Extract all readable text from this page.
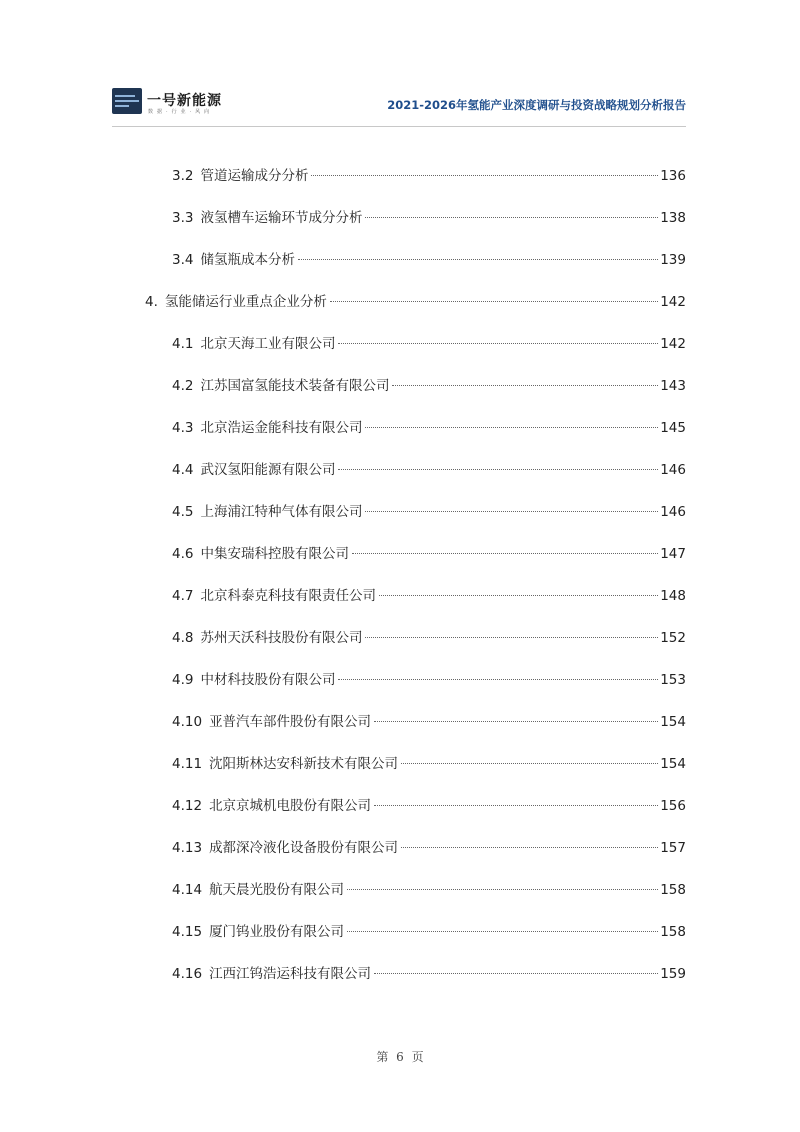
一号新能源
数据·行业·风向	2021-2026年氢能产业深度调研与投资战略规划分析报告
3.2 管道运输成分分析	136
3.3 液氢槽车运输环节成分分析	138
3.4 储氢瓶成本分析	139
4. 氢能储运行业重点企业分析	142
4.1 北京天海工业有限公司	142
4.2 江苏国富氢能技术装备有限公司	143
4.3 北京浩运金能科技有限公司	145
4.4 武汉氢阳能源有限公司	146
4.5 上海浦江特种气体有限公司	146
4.6 中集安瑞科控股有限公司	147
4.7 北京科泰克科技有限责任公司	148
4.8 苏州天沃科技股份有限公司	152
4.9 中材科技股份有限公司	153
4.10 亚普汽车部件股份有限公司	154
4.11 沈阳斯林达安科新技术有限公司	154
4.12 北京京城机电股份有限公司	156
4.13 成都深冷液化设备股份有限公司	157
4.14 航天晨光股份有限公司	158
4.15 厦门钨业股份有限公司	158
4.16 江西江钨浩运科技有限公司	159
第 6 页
